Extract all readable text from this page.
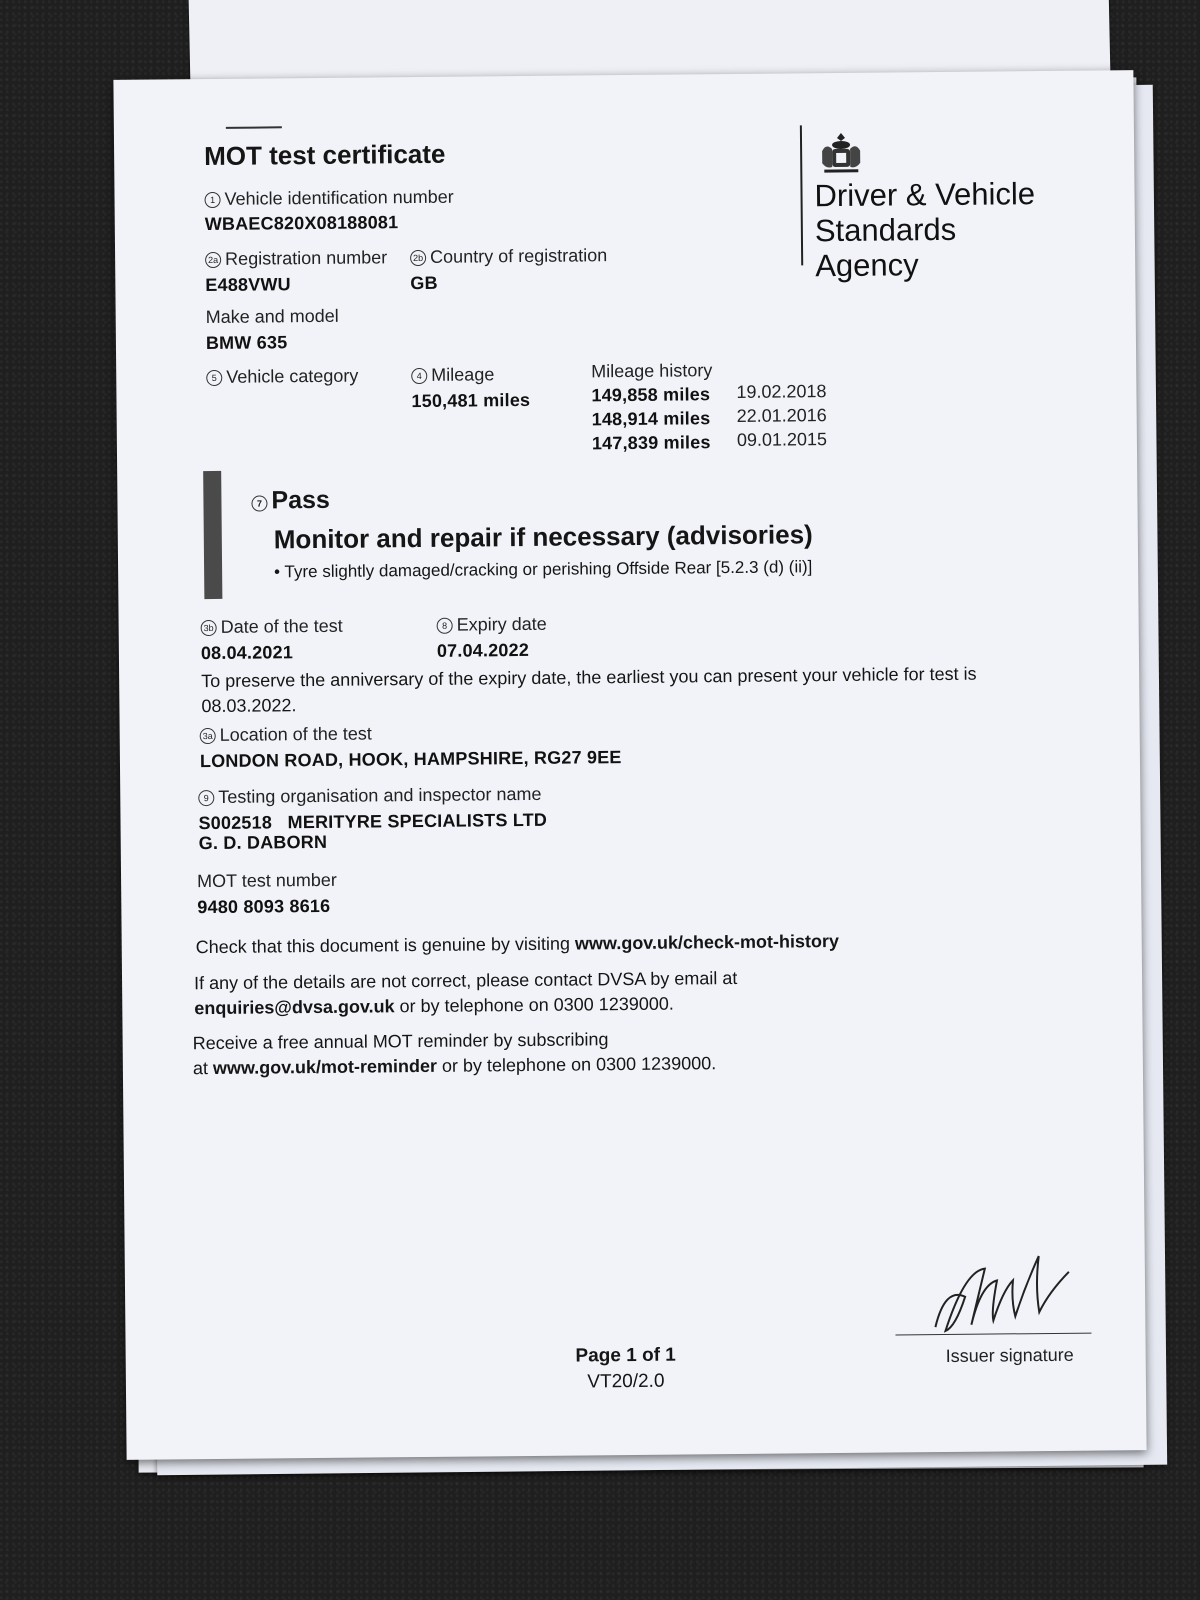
MOT test certificate
Driver & Vehicle Standards Agency
1 Vehicle identification number
WBAEC820X08188081
2a Registration number
E488VWU
2b Country of registration
GB
Make and model
BMW 635
5 Vehicle category	4 Mileage
150,481 miles
Mileage history
149,858 miles 19.02.2018
148,914 miles 22.01.2016
147,839 miles 09.01.2015
7 Pass
Monitor and repair if necessary (advisories)
• Tyre slightly damaged/cracking or perishing Offside Rear [5.2.3 (d) (ii)]
3b Date of the test
08.04.2021
8 Expiry date
07.04.2022
To preserve the anniversary of the expiry date, the earliest you can present your vehicle for test is
08.03.2022.
3a Location of the test
LONDON ROAD, HOOK, HAMPSHIRE, RG27 9EE
9 Testing organisation and inspector name
S002518   MERITYRE SPECIALISTS LTD
G. D. DABORN
MOT test number
9480 8093 8616
Check that this document is genuine by visiting www.gov.uk/check-mot-history
If any of the details are not correct, please contact DVSA by email at
enquiries@dvsa.gov.uk or by telephone on 0300 1239000.
Receive a free annual MOT reminder by subscribing
at www.gov.uk/mot-reminder or by telephone on 0300 1239000.
Issuer signature
Page 1 of 1
VT20/2.0
